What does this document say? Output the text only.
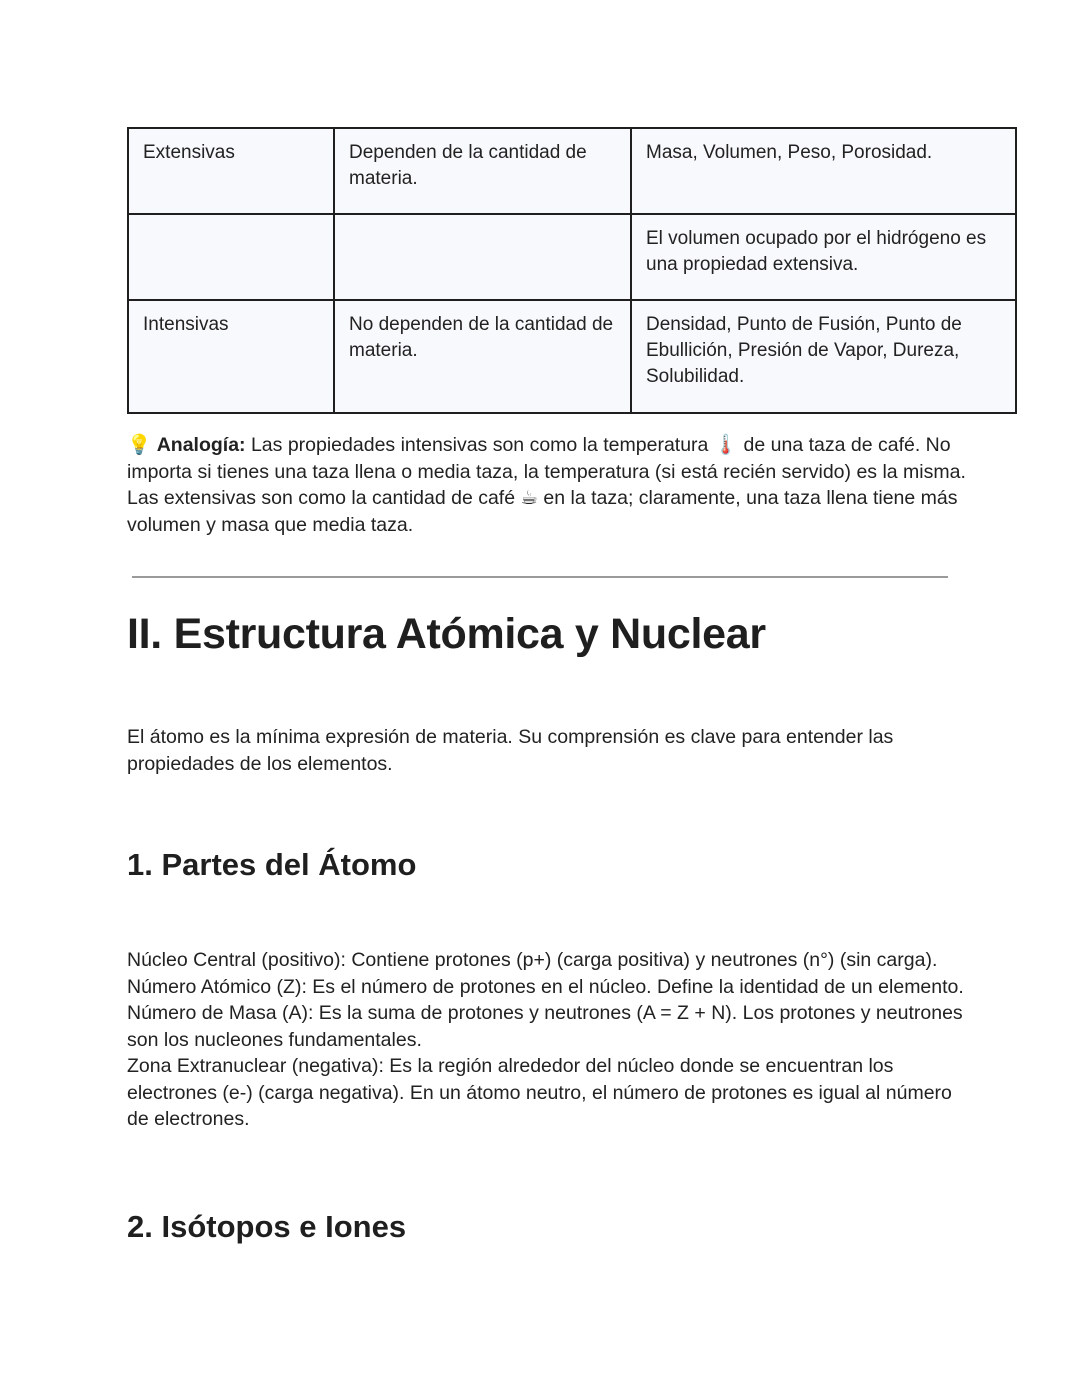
Extensivas	Dependen de la cantidad de materia.	Masa, Volumen, Peso, Porosidad.
		El volumen ocupado por el hidrógeno es una propiedad extensiva.
Intensivas	No dependen de la cantidad de materia.	Densidad, Punto de Fusión, Punto de Ebullición, Presión de Vapor, Dureza, Solubilidad.
💡 Analogía: Las propiedades intensivas son como la temperatura 🌡️ de una taza de café. No importa si tienes una taza llena o media taza, la temperatura (si está recién servido) es la misma. Las extensivas son como la cantidad de café ☕ en la taza; claramente, una taza llena tiene más volumen y masa que media taza.
II. Estructura Atómica y Nuclear

El átomo es la mínima expresión de materia. Su comprensión es clave para entender las propiedades de los elementos.

1. Partes del Átomo
Núcleo Central (positivo): Contiene protones (p+) (carga positiva) y neutrones (n°) (sin carga).
Número Atómico (Z): Es el número de protones en el núcleo. Define la identidad de un elemento.
Número de Masa (A): Es la suma de protones y neutrones (A = Z + N). Los protones y neutrones son los nucleones fundamentales.
Zona Extranuclear (negativa): Es la región alrededor del núcleo donde se encuentran los electrones (e-) (carga negativa). En un átomo neutro, el número de protones es igual al número de electrones.
2. Isótopos e Iones
